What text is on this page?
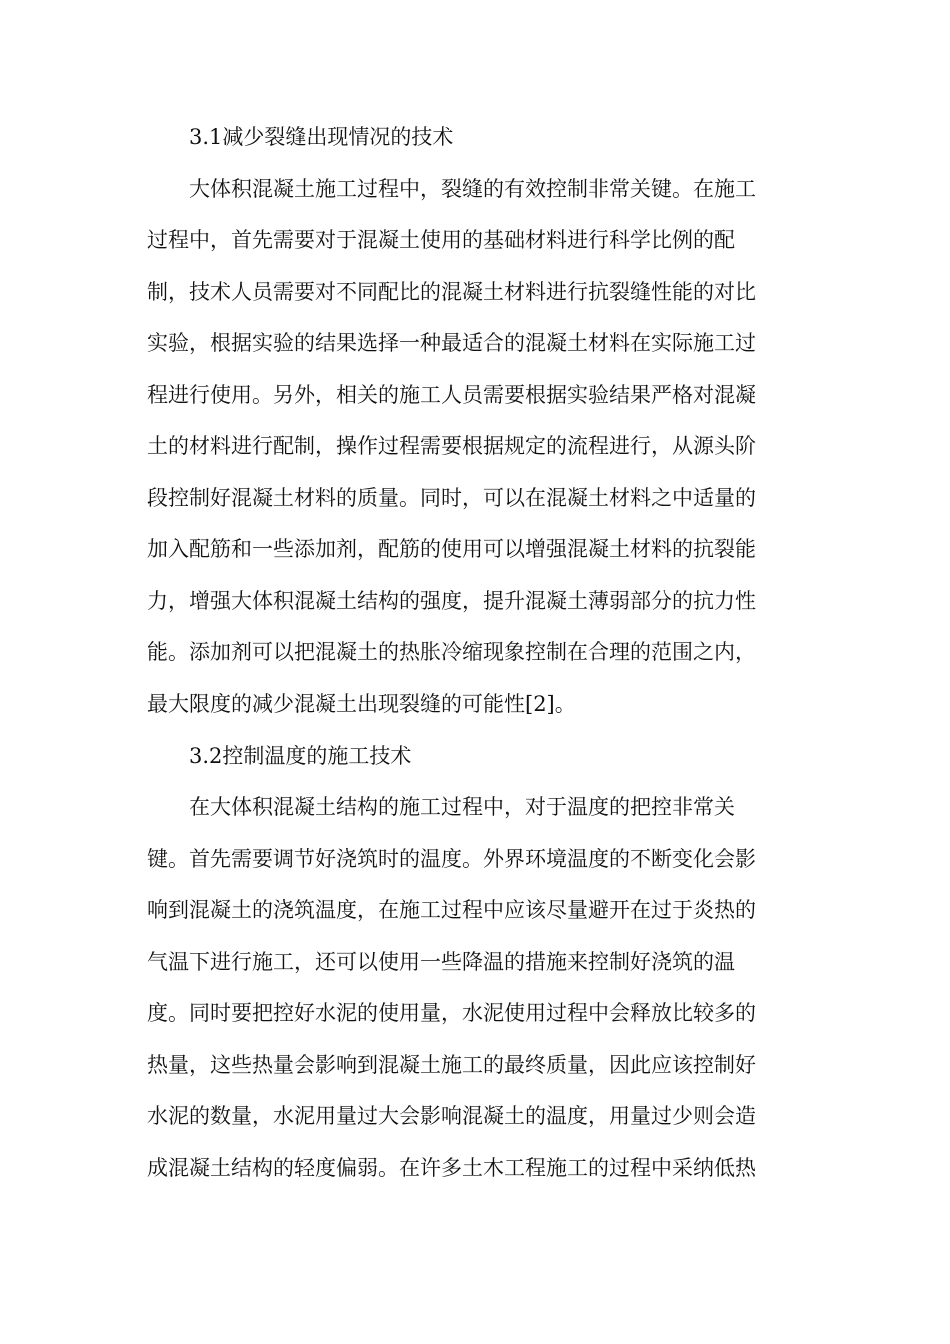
3.1减少裂缝出现情况的技术
大体积混凝土施工过程中，裂缝的有效控制非常关键。在施工
过程中，首先需要对于混凝土使用的基础材料进行科学比例的配
制，技术人员需要对不同配比的混凝土材料进行抗裂缝性能的对比
实验，根据实验的结果选择一种最适合的混凝土材料在实际施工过
程进行使用。另外，相关的施工人员需要根据实验结果严格对混凝
土的材料进行配制，操作过程需要根据规定的流程进行，从源头阶
段控制好混凝土材料的质量。同时，可以在混凝土材料之中适量的
加入配筋和一些添加剂，配筋的使用可以增强混凝土材料的抗裂能
力，增强大体积混凝土结构的强度，提升混凝土薄弱部分的抗力性
能。添加剂可以把混凝土的热胀冷缩现象控制在合理的范围之内，
最大限度的减少混凝土出现裂缝的可能性[2]。
3.2控制温度的施工技术
在大体积混凝土结构的施工过程中，对于温度的把控非常关
键。首先需要调节好浇筑时的温度。外界环境温度的不断变化会影
响到混凝土的浇筑温度，在施工过程中应该尽量避开在过于炎热的
气温下进行施工，还可以使用一些降温的措施来控制好浇筑的温
度。同时要把控好水泥的使用量，水泥使用过程中会释放比较多的
热量，这些热量会影响到混凝土施工的最终质量，因此应该控制好
水泥的数量，水泥用量过大会影响混凝土的温度，用量过少则会造
成混凝土结构的轻度偏弱。在许多土木工程施工的过程中采纳低热
